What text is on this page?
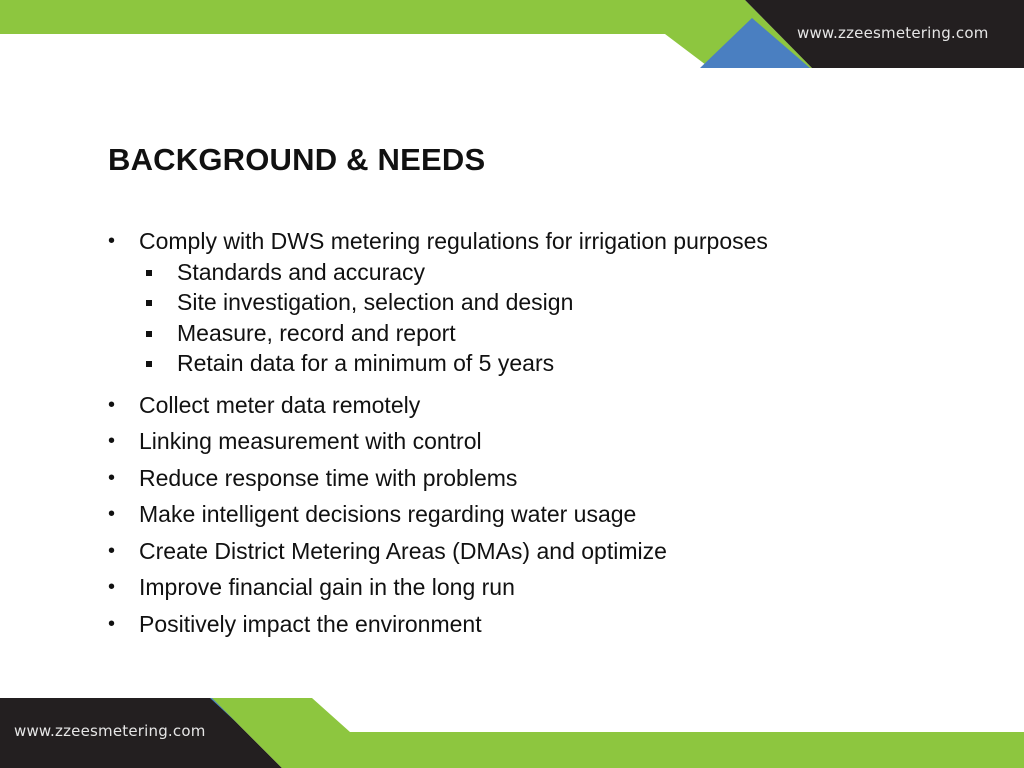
www.zzeesmetering.com
www.zzeesmetering.com
BACKGROUND & NEEDS
• Comply with DWS metering regulations for irrigation purposes
Standards and accuracy
Site investigation, selection and design
Measure, record and report
Retain data for a minimum of 5 years
• Collect meter data remotely
• Linking measurement with control
• Reduce response time with problems
• Make intelligent decisions regarding water usage
• Create District Metering Areas (DMAs) and optimize
• Improve financial gain in the long run
• Positively impact the environment
